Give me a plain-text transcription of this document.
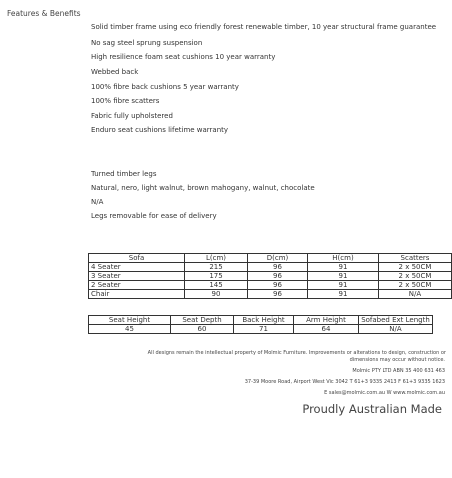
Features & Benefits
Solid timber frame using eco friendly forest renewable timber, 10 year structural frame guarantee
No sag steel sprung suspension
High resilience foam seat cushions 10 year warranty
Webbed back
100% fibre back cushions 5 year warranty
100% fibre scatters
Fabric fully upholstered
Enduro seat cushions lifetime warranty
Turned timber legs
Natural, nero, light walnut, brown mahogany, walnut, chocolate
N/A
Legs removable for ease of delivery
Sofa	L(cm)	D(cm)	H(cm)	Scatters
4 Seater	215	96	91	2 x 50CM
3 Seater	175	96	91	2 x 50CM
2 Seater	145	96	91	2 x 50CM
Chair	90	96	91	N/A
Seat Height	Seat Depth	Back Height	Arm Height	Sofabed Ext Length
45	60	71	64	N/A
All designs remain the intellectual property of Molmic Furniture. Improvements or alterations to design, construction or
dimensions may occur without notice.
Molmic PTY LTD ABN 35 400 631 463
37-39 Moore Road, Airport West Vic 3042 T 61+3 9335 2413 F 61+3 9335 1623
E sales@molmic.com.au W www.molmic.com.au
Proudly Australian Made
